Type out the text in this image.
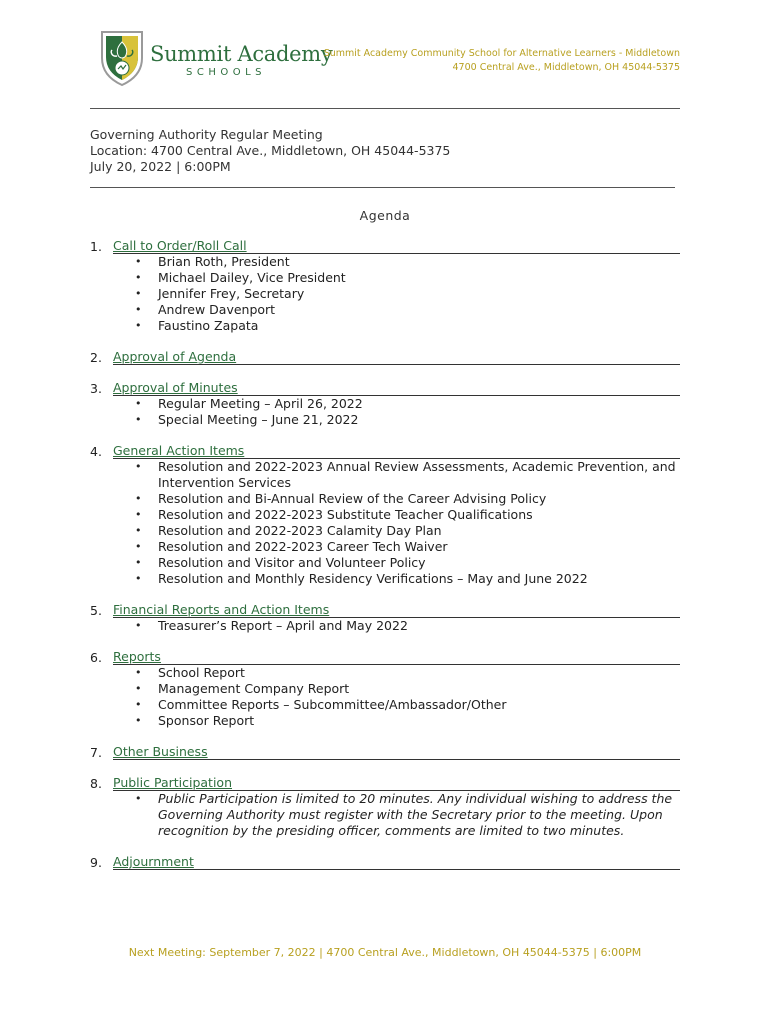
Summit Academy
SCHOOLS
Summit Academy Community School for Alternative Learners - Middletown
4700 Central Ave., Middletown, OH 45044-5375
Governing Authority Regular Meeting
Location: 4700 Central Ave., Middletown, OH 45044-5375
July 20, 2022 | 6:00PM
Agenda
1. Call to Order/Roll Call
• Brian Roth, President
• Michael Dailey, Vice President
• Jennifer Frey, Secretary
• Andrew Davenport
• Faustino Zapata
2. Approval of Agenda
3. Approval of Minutes
• Regular Meeting – April 26, 2022
• Special Meeting – June 21, 2022
4. General Action Items
• Resolution and 2022-2023 Annual Review Assessments, Academic Prevention, and Intervention Services
• Resolution and Bi-Annual Review of the Career Advising Policy
• Resolution and 2022-2023 Substitute Teacher Qualifications
• Resolution and 2022-2023 Calamity Day Plan
• Resolution and 2022-2023 Career Tech Waiver
• Resolution and Visitor and Volunteer Policy
• Resolution and Monthly Residency Verifications – May and June 2022
5. Financial Reports and Action Items
• Treasurer’s Report – April and May 2022
6. Reports
• School Report
• Management Company Report
• Committee Reports – Subcommittee/Ambassador/Other
• Sponsor Report
7. Other Business
8. Public Participation
• Public Participation is limited to 20 minutes. Any individual wishing to address the Governing Authority must register with the Secretary prior to the meeting. Upon recognition by the presiding officer, comments are limited to two minutes.
9. Adjournment
Next Meeting: September 7, 2022 | 4700 Central Ave., Middletown, OH 45044-5375 | 6:00PM
